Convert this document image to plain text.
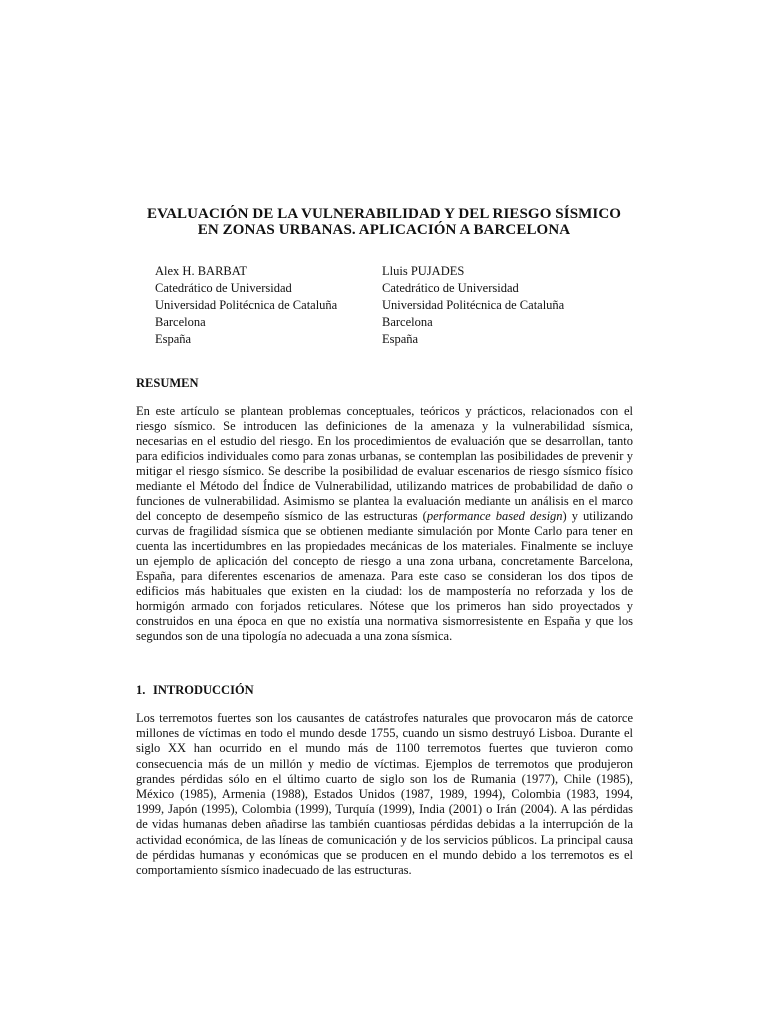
EVALUACIÓN DE LA VULNERABILIDAD Y DEL RIESGO SÍSMICO
EN ZONAS URBANAS. APLICACIÓN A BARCELONA
Alex H. BARBAT
Catedrático de Universidad
Universidad Politécnica de Cataluña
Barcelona
España
Lluis PUJADES
Catedrático de Universidad
Universidad Politécnica de Cataluña
Barcelona
España
RESUMEN

En este artículo se plantean problemas conceptuales, teóricos y prácticos, relacionados con el riesgo sísmico. Se introducen las definiciones de la amenaza y la vulnerabilidad sísmica, necesarias en el estudio del riesgo. En los procedimientos de evaluación que se desarrollan, tanto para edificios individuales como para zonas urbanas, se contemplan las posibilidades de prevenir y mitigar el riesgo sísmico. Se describe la posibilidad de evaluar escenarios de riesgo sísmico físico mediante el Método del Índice de Vulnerabilidad, utilizando matrices de probabilidad de daño o funciones de vulnerabilidad. Asimismo se plantea la evaluación mediante un análisis en el marco del concepto de desempeño sísmico de las estructuras (performance based design) y utilizando curvas de fragilidad sísmica que se obtienen mediante simulación por Monte Carlo para tener en cuenta las incertidumbres en las propiedades mecánicas de los materiales. Finalmente se incluye un ejemplo de aplicación del concepto de riesgo a una zona urbana, concretamente Barcelona, España, para diferentes escenarios de amenaza. Para este caso se consideran los dos tipos de edificios más habituales que existen en la ciudad: los de mampostería no reforzada y los de hormigón armado con forjados reticulares. Nótese que los primeros han sido proyectados y construidos en una época en que no existía una normativa sismorresistente en España y que los segundos son de una tipología no adecuada a una zona sísmica.

1. INTRODUCCIÓN

Los terremotos fuertes son los causantes de catástrofes naturales que provocaron más de catorce millones de víctimas en todo el mundo desde 1755, cuando un sismo destruyó Lisboa. Durante el siglo XX han ocurrido en el mundo más de 1100 terremotos fuertes que tuvieron como consecuencia más de un millón y medio de víctimas. Ejemplos de terremotos que produjeron grandes pérdidas sólo en el último cuarto de siglo son los de Rumania (1977), Chile (1985), México (1985), Armenia (1988), Estados Unidos (1987, 1989, 1994), Colombia (1983, 1994, 1999, Japón (1995), Colombia (1999), Turquía (1999), India (2001) o Irán (2004). A las pérdidas de vidas humanas deben añadirse las también cuantiosas pérdidas debidas a la interrupción de la actividad económica, de las líneas de comunicación y de los servicios públicos. La principal causa de pérdidas humanas y económicas que se producen en el mundo debido a los terremotos es el comportamiento sísmico inadecuado de las estructuras.
